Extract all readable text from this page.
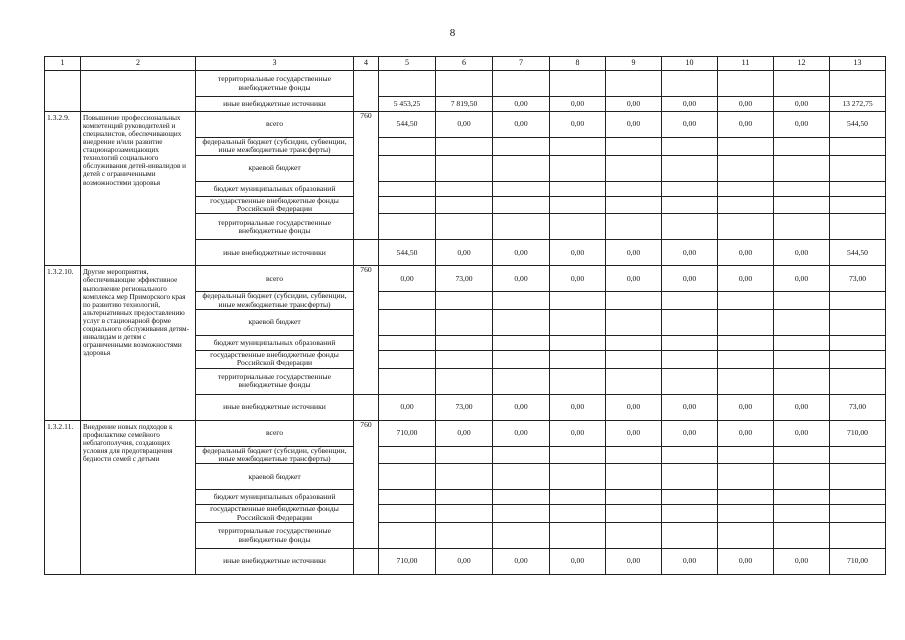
8
1	2	3	4	5	6	7	8	9	10	11	12	13
		территориальные государственные внебюджетные фонды										
		иные внебюджетные источники		5 453,25	7 819,50	0,00	0,00	0,00	0,00	0,00	0,00	13 272,75
1.3.2.9.	Повышение профессиональных компетенций руководителей и специалистов, обеспечивающих внедрение и/или развитие стационарозамещающих технологий социального обслуживания детей-инвалидов и детей с ограниченными возможностями здоровья	всего	760	544,50	0,00	0,00	0,00	0,00	0,00	0,00	0,00	544,50
		федеральный бюджет (субсидии, субвенции, иные межбюджетные трансферты)										
		краевой бюджет										
		бюджет муниципальных образований										
		государственные внебюджетные фонды Российской Федерации										
		территориальные государственные внебюджетные фонды										
		иные внебюджетные источники		544,50	0,00	0,00	0,00	0,00	0,00	0,00	0,00	544,50
1.3.2.10.	Другие мероприятия, обеспечивающие эффективное выполнение регионального комплекса мер Приморского края по развитию технологий, альтернативных предоставлению услуг в стационарной форме социального обслуживания детям-инвалидам и детям с ограниченными возможностями здоровья	всего	760	0,00	73,00	0,00	0,00	0,00	0,00	0,00	0,00	73,00
		федеральный бюджет (субсидии, субвенции, иные межбюджетные трансферты)										
		краевой бюджет										
		бюджет муниципальных образований										
		государственные внебюджетные фонды Российской Федерации										
		территориальные государственные внебюджетные фонды										
		иные внебюджетные источники		0,00	73,00	0,00	0,00	0,00	0,00	0,00	0,00	73,00
1.3.2.11.	Внедрение новых подходов к профилактике семейного неблагополучия, создающих условия для предотвращения бедности семей с детьми	всего	760	710,00	0,00	0,00	0,00	0,00	0,00	0,00	0,00	710,00
		федеральный бюджет (субсидии, субвенции, иные межбюджетные трансферты)										
		краевой бюджет										
		бюджет муниципальных образований										
		государственные внебюджетные фонды Российской Федерации										
		территориальные государственные внебюджетные фонды										
		иные внебюджетные источники		710,00	0,00	0,00	0,00	0,00	0,00	0,00	0,00	710,00
